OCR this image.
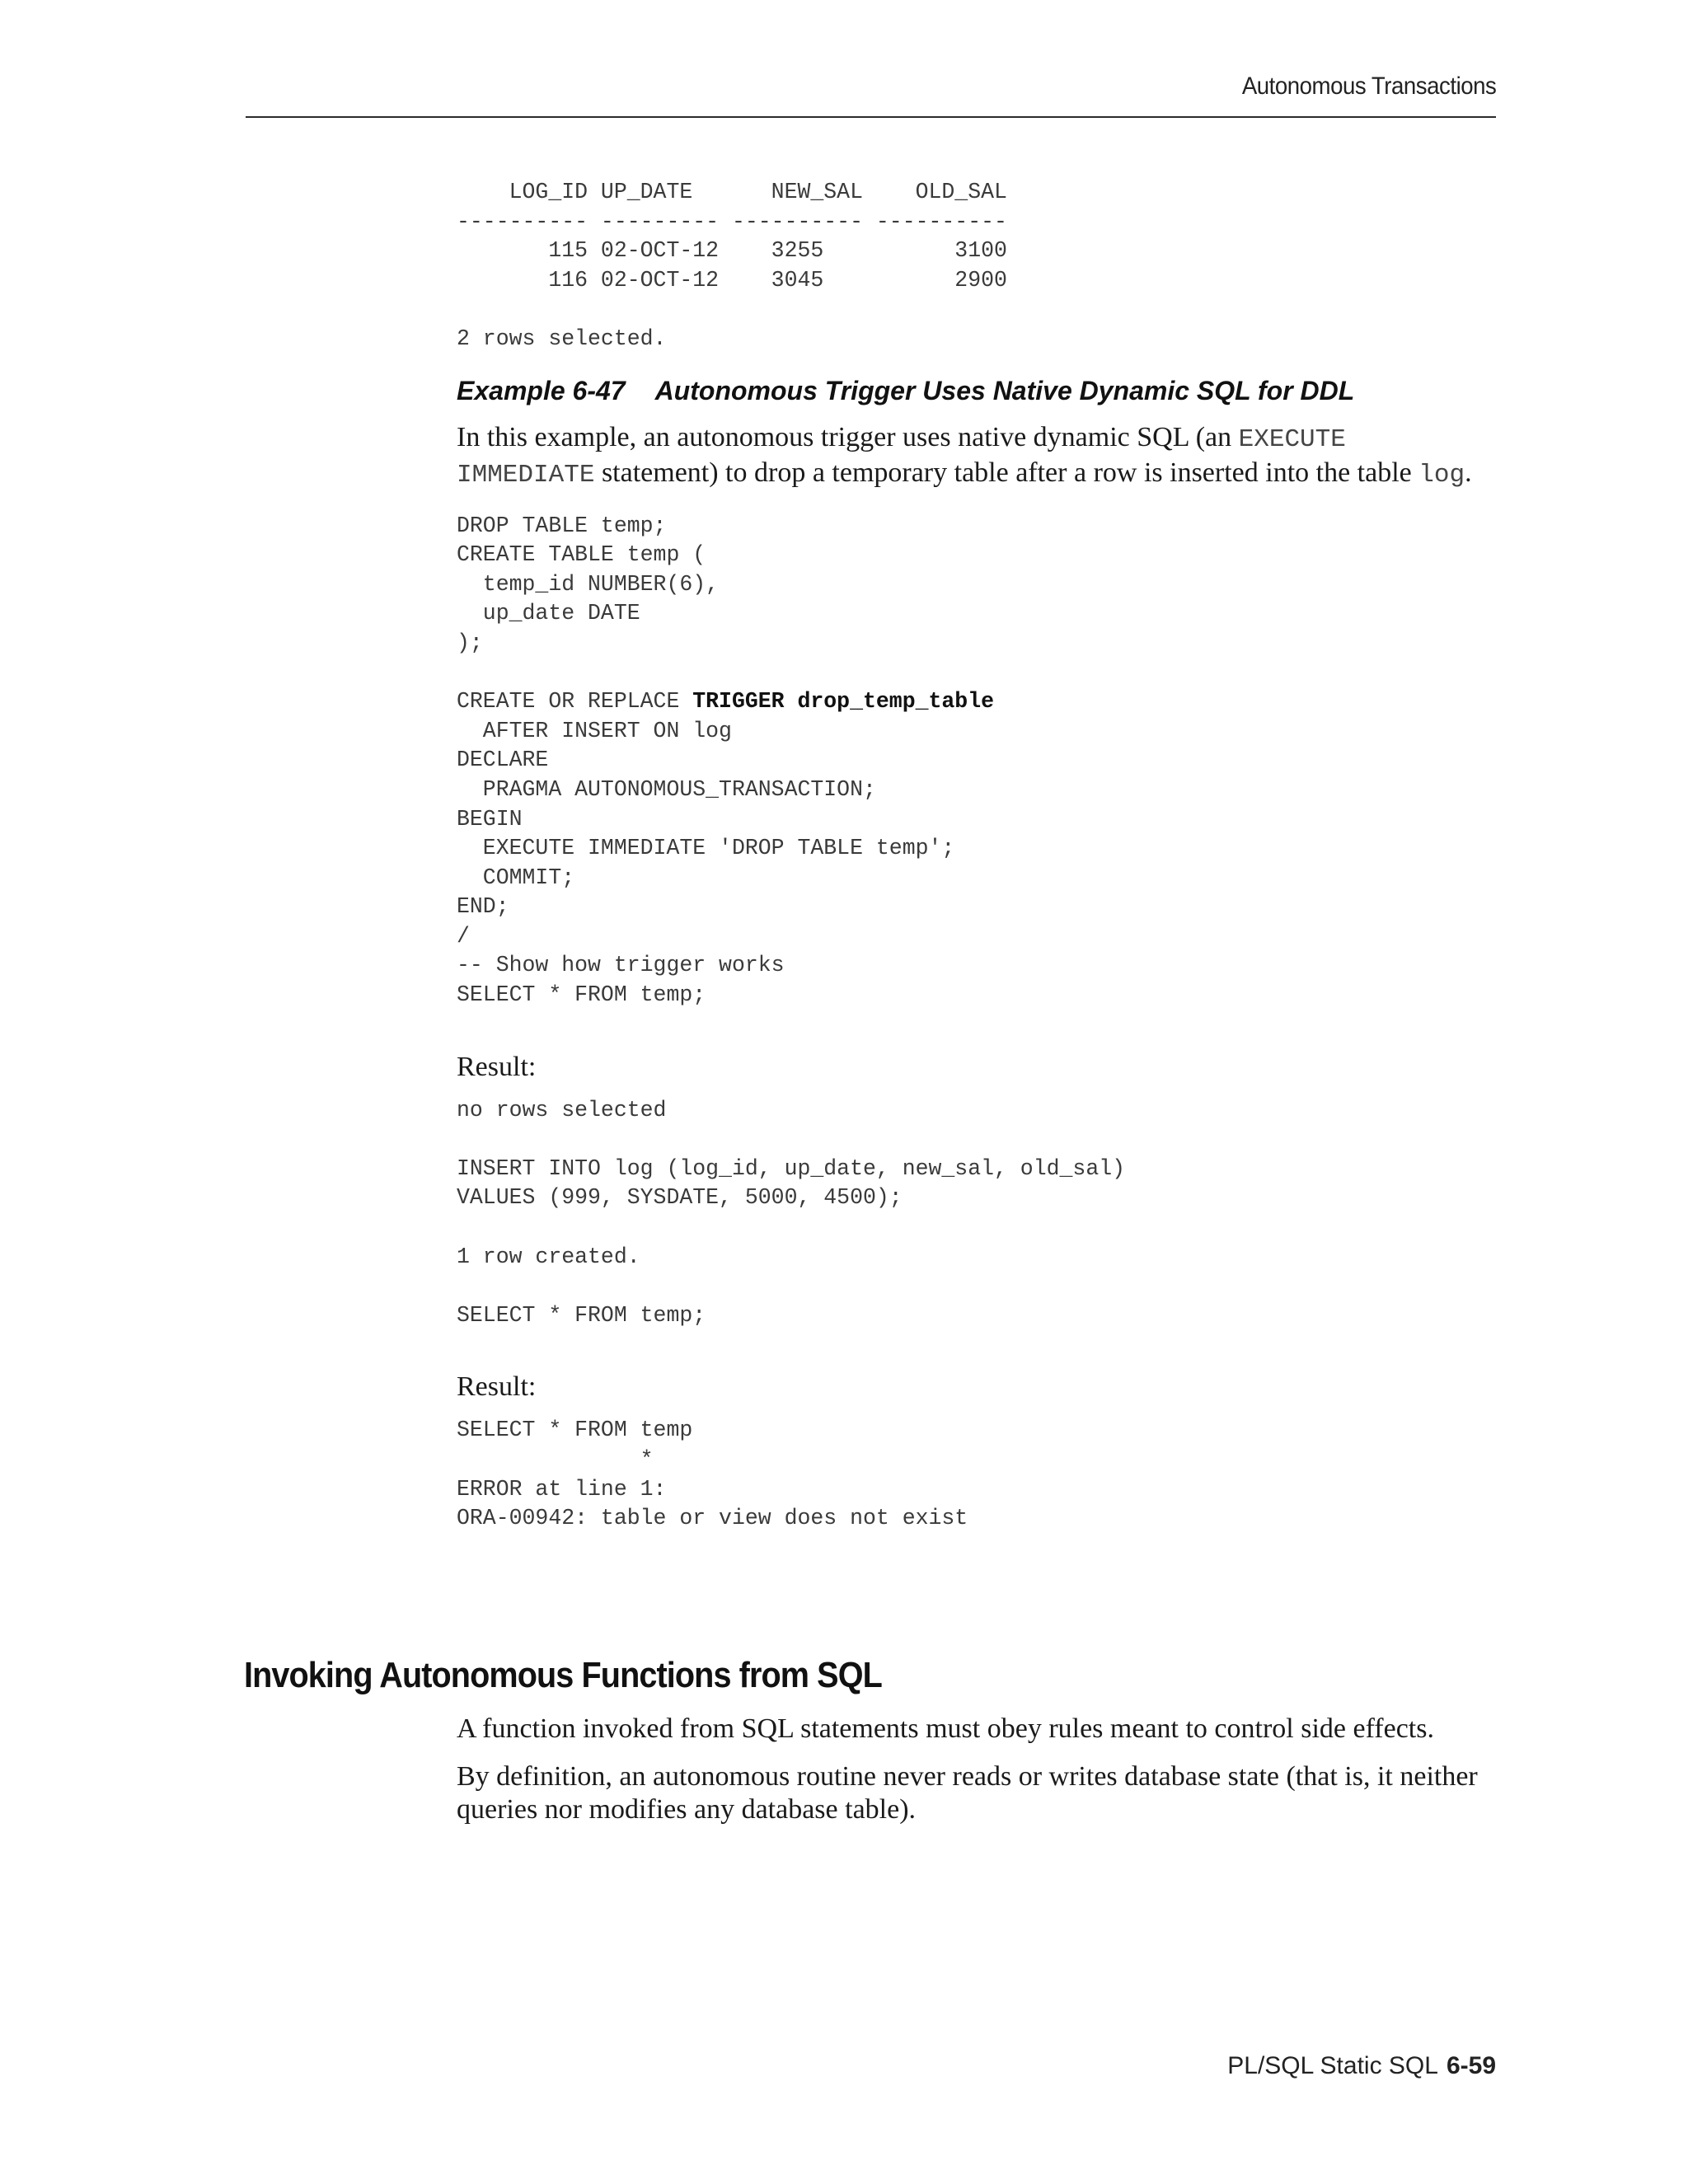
Autonomous Transactions
LOG_ID UP_DATE      NEW_SAL    OLD_SAL
---------- --------- ---------- ----------
115 02-OCT-12    3255          3100
116 02-OCT-12    3045          2900
2 rows selected.

Example 6-47 Autonomous Trigger Uses Native Dynamic SQL for DDL

In this example, an autonomous trigger uses native dynamic SQL (an EXECUTE IMMEDIATE statement) to drop a temporary table after a row is inserted into the table log.

DROP TABLE temp;
CREATE TABLE temp (
temp_id NUMBER(6),
up_date DATE
);
CREATE OR REPLACE TRIGGER drop_temp_table
AFTER INSERT ON log
DECLARE
PRAGMA AUTONOMOUS_TRANSACTION;
BEGIN
EXECUTE IMMEDIATE 'DROP TABLE temp';
COMMIT;
END;
/
-- Show how trigger works
SELECT * FROM temp;

Result:

no rows selected
INSERT INTO log (log_id, up_date, new_sal, old_sal)
VALUES (999, SYSDATE, 5000, 4500);
1 row created.
SELECT * FROM temp;

Result:

SELECT * FROM temp
*
ERROR at line 1:
ORA-00942: table or view does not exist
Invoking Autonomous Functions from SQL

A function invoked from SQL statements must obey rules meant to control side effects.

By definition, an autonomous routine never reads or writes database state (that is, it neither queries nor modifies any database table).

PL/SQL Static SQL 6-59
